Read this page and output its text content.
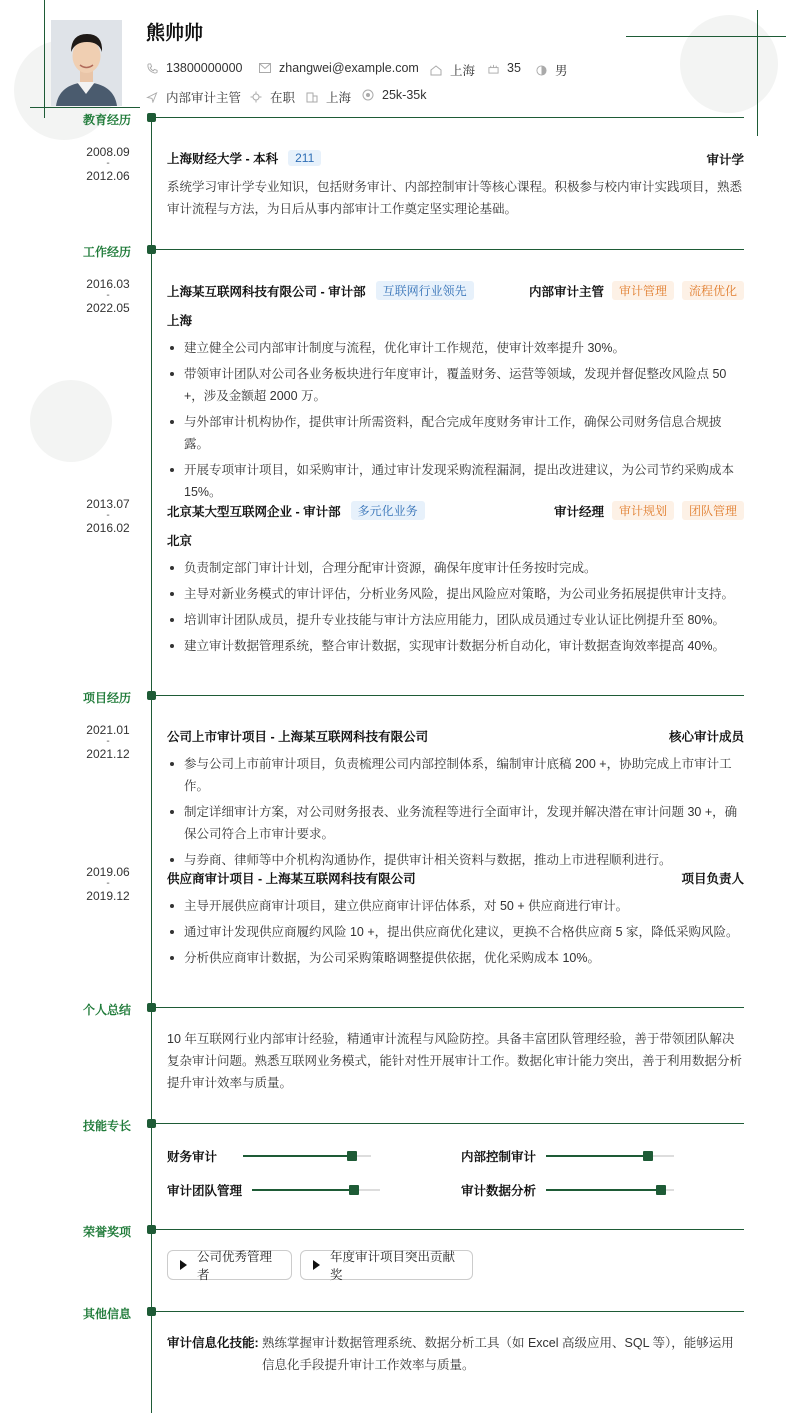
熊帅帅
13800000000	zhangwei@example.com 上海	35	男
内部审计主管 在职 上海 25k-35k
教育经历
2008.09
-
2012.06
上海财经大学 - 本科	211	审计学
系统学习审计学专业知识，包括财务审计、内部控制审计等核心课程。积极参与校内审计实践项目，熟悉审计流程与方法，为日后从事内部审计工作奠定坚实理论基础。
工作经历
2016.03
-
2022.05
上海某互联网科技有限公司 - 审计部	互联网行业领先	内部审计主管	审计管理	流程优化
上海
建立健全公司内部审计制度与流程，优化审计工作规范，使审计效率提升 30%。
带领审计团队对公司各业务板块进行年度审计，覆盖财务、运营等领域，发现并督促整改风险点 50 +，涉及金额超 2000 万。
与外部审计机构协作，提供审计所需资料，配合完成年度财务审计工作，确保公司财务信息合规披露。
开展专项审计项目，如采购审计，通过审计发现采购流程漏洞，提出改进建议，为公司节约采购成本 15%。
2013.07
-
2016.02
北京某大型互联网企业 - 审计部	多元化业务	审计经理	审计规划	团队管理
北京
负责制定部门审计计划，合理分配审计资源，确保年度审计任务按时完成。
主导对新业务模式的审计评估，分析业务风险，提出风险应对策略，为公司业务拓展提供审计支持。
培训审计团队成员，提升专业技能与审计方法应用能力，团队成员通过专业认证比例提升至 80%。
建立审计数据管理系统，整合审计数据，实现审计数据分析自动化，审计数据查询效率提高 40%。
项目经历
2021.01
-
2021.12
公司上市审计项目 - 上海某互联网科技有限公司	核心审计成员
参与公司上市前审计项目，负责梳理公司内部控制体系，编制审计底稿 200 +，协助完成上市审计工作。
制定详细审计方案，对公司财务报表、业务流程等进行全面审计，发现并解决潜在审计问题 30 +，确保公司符合上市审计要求。
与券商、律师等中介机构沟通协作，提供审计相关资料与数据，推动上市进程顺利进行。
2019.06
-
2019.12
供应商审计项目 - 上海某互联网科技有限公司	项目负责人
主导开展供应商审计项目，建立供应商审计评估体系，对 50 + 供应商进行审计。
通过审计发现供应商履约风险 10 +，提出供应商优化建议，更换不合格供应商 5 家，降低采购风险。
分析供应商审计数据，为公司采购策略调整提供依据，优化采购成本 10%。
个人总结
10 年互联网行业内部审计经验，精通审计流程与风险防控。具备丰富团队管理经验，善于带领团队解决复杂审计问题。熟悉互联网业务模式，能针对性开展审计工作。数据化审计能力突出，善于利用数据分析提升审计效率与质量。
技能专长
财务审计	内部控制审计
审计团队管理	审计数据分析
荣誉奖项
公司优秀管理者
年度审计项目突出贡献奖
其他信息
审计信息化技能: 熟练掌握审计数据管理系统、数据分析工具（如 Excel 高级应用、SQL 等），能够运用信息化手段提升审计工作效率与质量。
